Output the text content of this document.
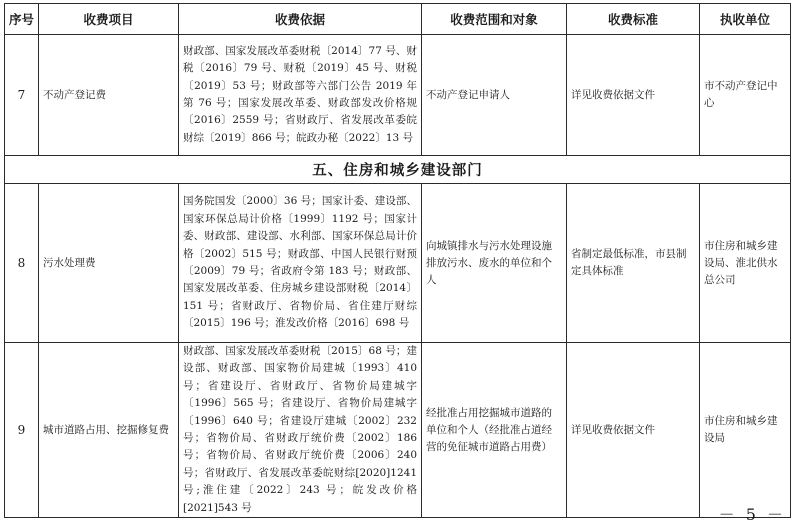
序号	收费项目	收费依据	收费范围和对象	收费标准	执收单位
7	不动产登记费	财政部、国家发展改革委财税〔2014〕77 号、财税〔2016〕79 号、财税〔2019〕45 号、财税〔2019〕53 号；财政部等六部门公告 2019 年第 76 号；国家发展改革委、财政部发改价格规〔2016〕2559 号；省财政厅、省发展改革委皖财综〔2019〕866 号；皖政办秘〔2022〕13 号	不动产登记申请人	详见收费依据文件	市不动产登记中心
五、住房和城乡建设部门					
8	污水处理费	国务院国发〔2000〕36 号；国家计委、建设部、国家环保总局计价格〔1999〕1192 号；国家计委、财政部、建设部、水利部、国家环保总局计价格〔2002〕515 号；财政部、中国人民银行财预〔2009〕79 号；省政府令第 183 号；财政部、国家发展改革委、住房城乡建设部财税〔2014〕151 号；省财政厅、省物价局、省住建厅财综〔2015〕196 号；淮发改价格〔2016〕698 号	向城镇排水与污水处理设施排放污水、废水的单位和个人	省制定最低标准，市县制定具体标准	市住房和城乡建设局、淮北供水总公司
9	城市道路占用、挖掘修复费	财政部、国家发展改革委财税〔2015〕68 号；建设部、财政部、国家物价局建城〔1993〕410 号；省建设厅、省财政厅、省物价局建城字〔1996〕565 号；省建设厅、省物价局建城字〔1996〕640 号；省建设厅建城〔2002〕232 号；省物价局、省财政厅统价费〔2002〕186 号；省物价局、省财政厅统价费〔2006〕240 号；省财政厅、省发展改革委皖财综[2020]1241 号;淮住建〔2022〕243 号；皖发改价格[2021]543 号	经批准占用挖掘城市道路的单位和个人（经批准占道经营的免征城市道路占用费）	详见收费依据文件	市住房和城乡建设局
－ 5 －
